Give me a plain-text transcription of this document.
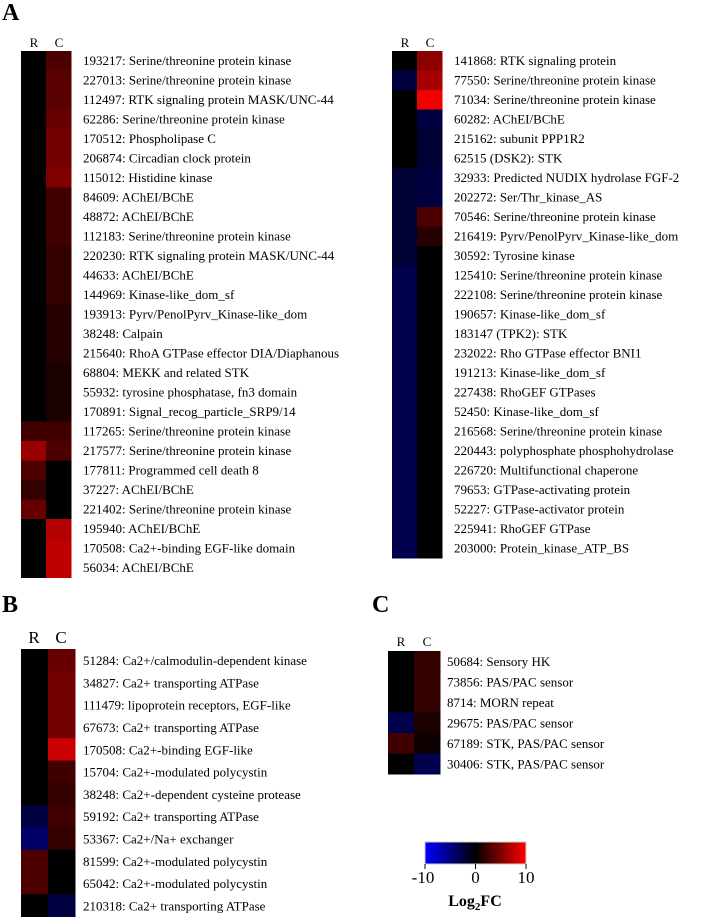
A
R C
193217: Serine/threonine protein kinase
227013: Serine/threonine protein kinase
112497: RTK signaling protein MASK/UNC-44
62286: Serine/threonine protein kinase
170512: Phospholipase C
206874: Circadian clock protein
115012: Histidine kinase
84609: AChEI/BChE
48872: AChEI/BChE
112183: Serine/threonine protein kinase
220230: RTK signaling protein MASK/UNC-44
44633: AChEI/BChE
144969: Kinase-like_dom_sf
193913: Pyrv/PenolPyrv_Kinase-like_dom
38248: Calpain
215640: RhoA GTPase effector DIA/Diaphanous
68804: MEKK and related STK
55932: tyrosine phosphatase, fn3 domain
170891: Signal_recog_particle_SRP9/14
117265: Serine/threonine protein kinase
217577: Serine/threonine protein kinase
177811: Programmed cell death 8
37227: AChEI/BChE
221402: Serine/threonine protein kinase
195940: AChEI/BChE
170508: Ca2+-binding EGF-like domain
56034: AChEI/BChE
R C
141868: RTK signaling protein
77550: Serine/threonine protein kinase
71034: Serine/threonine protein kinase
60282: AChEI/BChE
215162: subunit PPP1R2
62515 (DSK2): STK
32933: Predicted NUDIX hydrolase FGF-2
202272: Ser/Thr_kinase_AS
70546: Serine/threonine protein kinase
216419: Pyrv/PenolPyrv_Kinase-like_dom
30592: Tyrosine kinase
125410: Serine/threonine protein kinase
222108: Serine/threonine protein kinase
190657: Kinase-like_dom_sf
183147 (TPK2): STK
232022: Rho GTPase effector BNI1
191213: Kinase-like_dom_sf
227438: RhoGEF GTPases
52450: Kinase-like_dom_sf
216568: Serine/threonine protein kinase
220443: polyphosphate phosphohydrolase
226720: Multifunctional chaperone
79653: GTPase-activating protein
52227: GTPase-activator protein
225941: RhoGEF GTPase
203000: Protein_kinase_ATP_BS
B
R C
51284: Ca2+/calmodulin-dependent kinase
34827: Ca2+ transporting ATPase
111479: lipoprotein receptors, EGF-like
67673: Ca2+ transporting ATPase
170508: Ca2+-binding EGF-like
15704: Ca2+-modulated polycystin
38248: Ca2+-dependent cysteine protease
59192: Ca2+ transporting ATPase
53367: Ca2+/Na+ exchanger
81599: Ca2+-modulated polycystin
65042: Ca2+-modulated polycystin
210318: Ca2+ transporting ATPase
C
R C
50684: Sensory HK
73856: PAS/PAC sensor
8714: MORN repeat
29675: PAS/PAC sensor
67189: STK, PAS/PAC sensor
30406: STK, PAS/PAC sensor
-10 0 10
Log$_2$FC
